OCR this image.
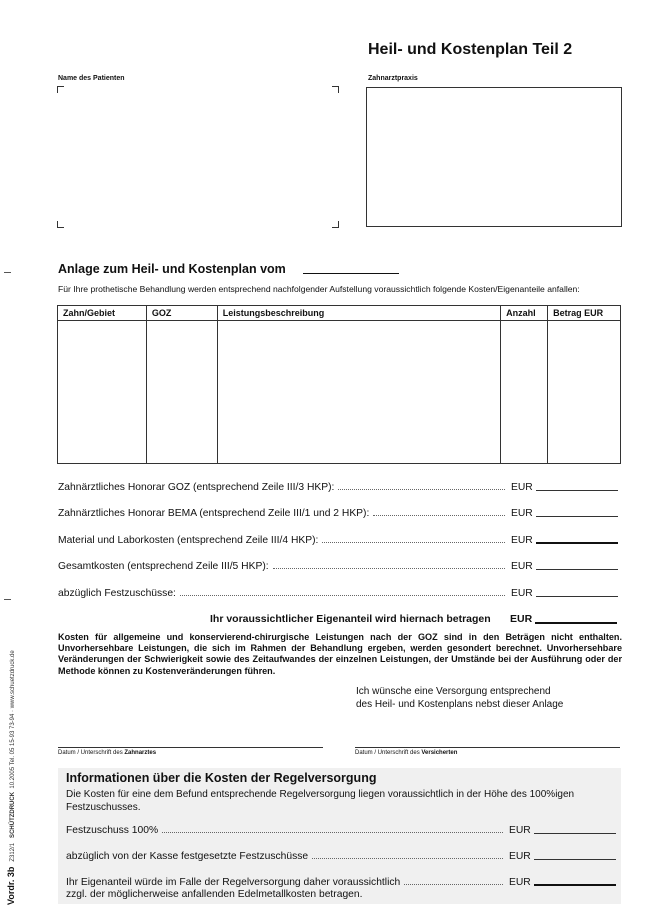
Heil- und Kostenplan Teil 2
Name des Patienten	Zahnarztpraxis
Anlage zum Heil- und Kostenplan vom
Für Ihre prothetische Behandlung werden entsprechend nachfolgender Aufstellung voraussichtlich folgende Kosten/Eigenanteile anfallen:
Zahn/Gebiet	GOZ	Leistungsbeschreibung	Anzahl	Betrag EUR

Zahnärztliches Honorar GOZ (entsprechend Zeile III/3 HKP):	EUR
Zahnärztliches Honorar BEMA (entsprechend Zeile III/1 und 2 HKP):	EUR
Material und Laborkosten (entsprechend Zeile III/4 HKP):	EUR
Gesamtkosten (entsprechend Zeile III/5 HKP):	EUR
abzüglich Festzuschüsse:	EUR
Ihr voraussichtlicher Eigenanteil wird hiernach betragen EUR
Kosten für allgemeine und konservierend-chirurgische Leistungen nach der GOZ sind in den Beträgen nicht enthalten. Unvorhersehbare Leistungen, die sich im Rahmen der Behandlung ergeben, werden gesondert berechnet. Unvorhersehbare Veränderungen der Schwierigkeit sowie des Zeitaufwandes der einzelnen Leistungen, der Umstände bei der Ausführung oder der Methode können zu Kostenveränderungen führen.
Ich wünsche eine Versorgung entsprechend
des Heil- und Kostenplans nebst dieser Anlage
Datum / Unterschrift des Zahnarztes	Datum / Unterschrift des Versicherten
Informationen über die Kosten der Regelversorgung
Die Kosten für eine dem Befund entsprechende Regelversorgung liegen voraussichtlich in der Höhe des 100%igen Festzuschusses.
Festzuschuss 100%	EUR
abzüglich von der Kasse festgesetzte Festzuschüsse	EUR
Ihr Eigenanteil würde im Falle der Regelversorgung daher voraussichtlich	EUR
zzgl. der möglicherweise anfallenden Edelmetallkosten betragen.
Vordr. 3b   Z312/1   SCHÜTZDRUCK  10.2005 Tel. 05 15-93 73-94 · www.schuetzdruck.de
